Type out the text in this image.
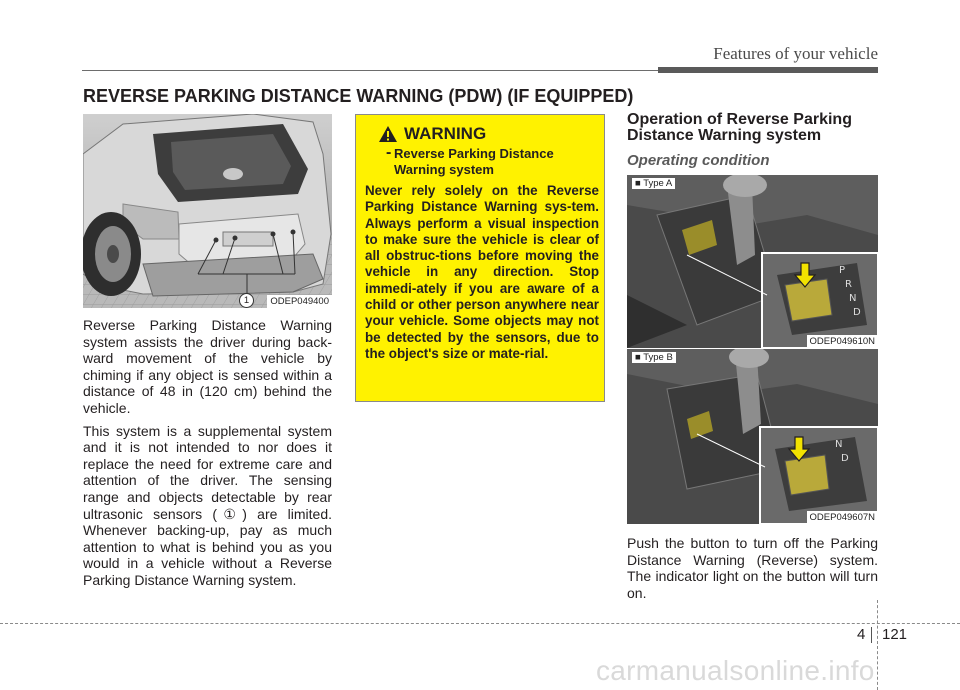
Features of your vehicle
REVERSE PARKING DISTANCE WARNING (PDW) (IF EQUIPPED)
1	ODEP049400

Reverse Parking Distance Warning system assists the driver during back-ward movement of the vehicle by chiming if any object is sensed within a distance of 48 in (120 cm) behind the vehicle.

This system is a supplemental system and it is not intended to nor does it replace the need for extreme care and attention of the driver. The sensing range and objects detectable by rear ultrasonic sensors (①) are limited. Whenever backing-up, pay as much attention to what is behind you as you would in a vehicle without a Reverse Parking Distance Warning system.

WARNING
- Reverse Parking Distance Warning system
Never rely solely on the Reverse Parking Distance Warning sys-tem. Always perform a visual inspection to make sure the vehicle is clear of all obstruc-tions before moving the vehicle in any direction. Stop immedi-ately if you are aware of a child or other person anywhere near your vehicle. Some objects may not be detected by the sensors, due to the object's size or mate-rial.
Operation of Reverse Parking Distance Warning system
Operating condition
P
R
N
D
■ Type A
ODEP049610N
N
D
■ Type B
ODEP049607N

Push the button to turn off the Parking Distance Warning (Reverse) system. The indicator light on the button will turn on.

4 121
carmanualsonline.info
